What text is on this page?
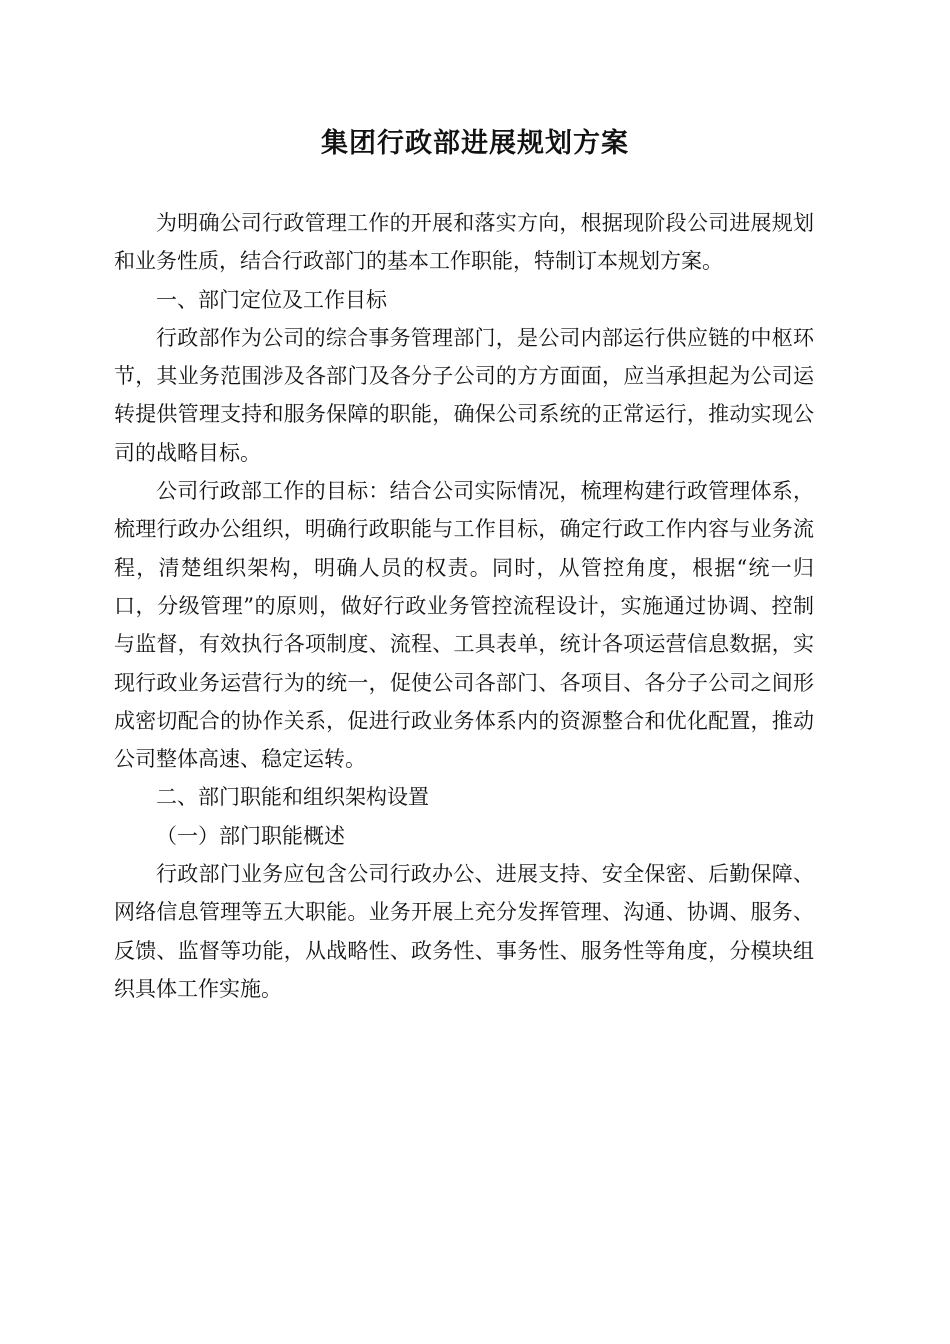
集团行政部进展规划方案

为明确公司行政管理工作的开展和落实方向，根据现阶段公司进展规划和业务性质，结合行政部门的基本工作职能，特制订本规划方案。

一、部门定位及工作目标

行政部作为公司的综合事务管理部门，是公司内部运行供应链的中枢环节，其业务范围涉及各部门及各分子公司的方方面面，应当承担起为公司运转提供管理支持和服务保障的职能，确保公司系统的正常运行，推动实现公司的战略目标。

公司行政部工作的目标：结合公司实际情况，梳理构建行政管理体系，梳理行政办公组织，明确行政职能与工作目标，确定行政工作内容与业务流程，清楚组织架构，明确人员的权责。同时，从管控角度，根据“统一归口，分级管理”的原则，做好行政业务管控流程设计，实施通过协调、控制与监督，有效执行各项制度、流程、工具表单，统计各项运营信息数据，实现行政业务运营行为的统一，促使公司各部门、各项目、各分子公司之间形成密切配合的协作关系，促进行政业务体系内的资源整合和优化配置，推动公司整体高速、稳定运转。

二、部门职能和组织架构设置

（一）部门职能概述

行政部门业务应包含公司行政办公、进展支持、安全保密、后勤保障、网络信息管理等五大职能。业务开展上充分发挥管理、沟通、协调、服务、反馈、监督等功能，从战略性、政务性、事务性、服务性等角度，分模块组织具体工作实施。
